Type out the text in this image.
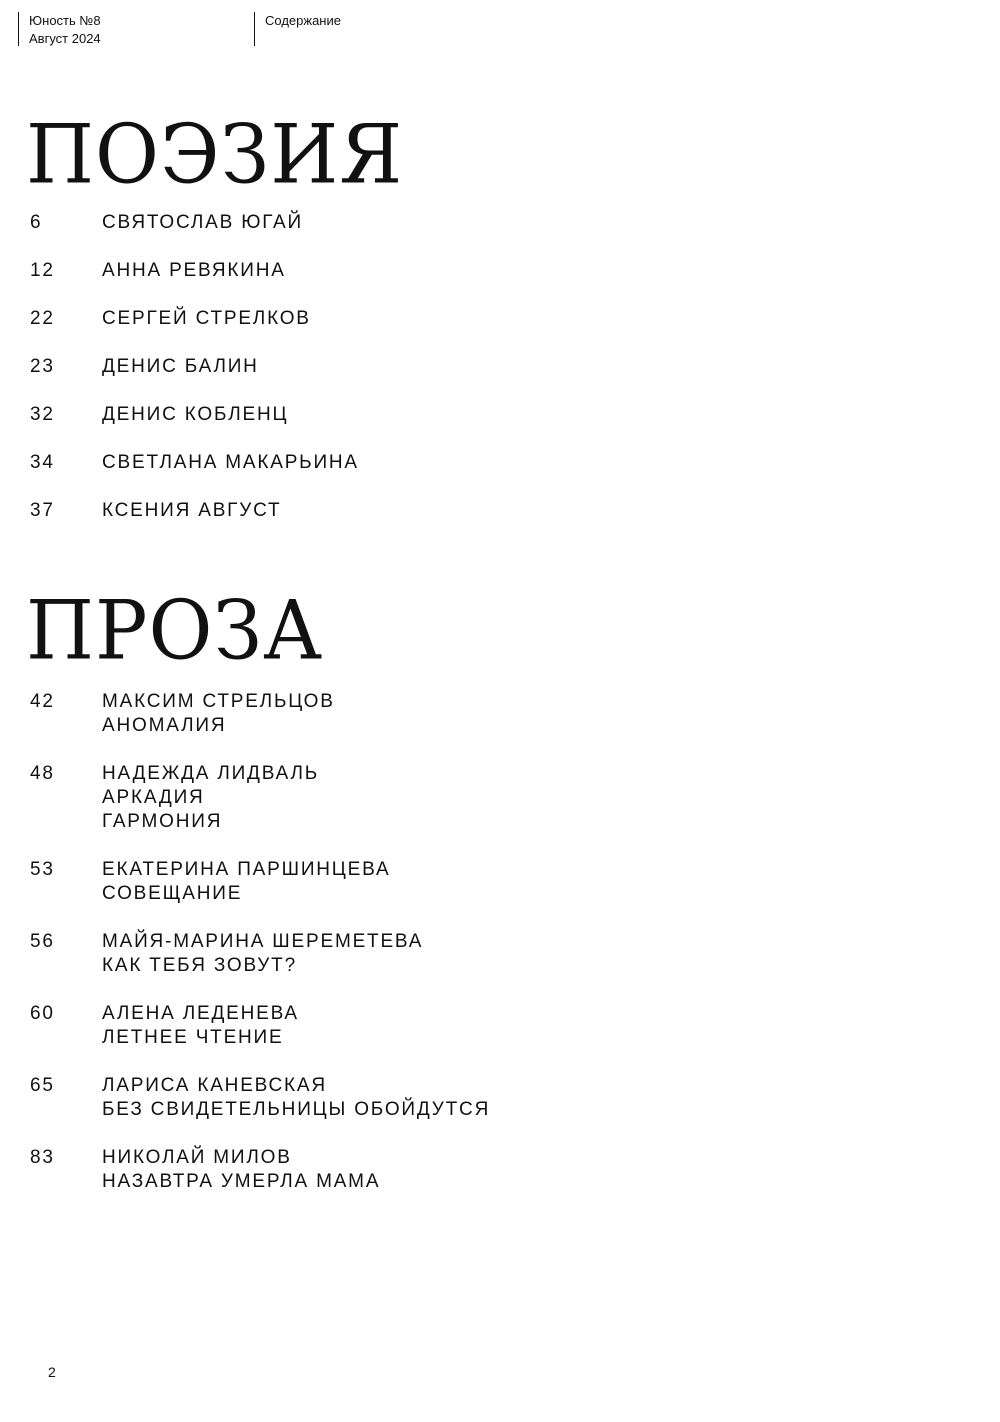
Юность №8
Август 2024
Содержание
ПОЭЗИЯ
6	СВЯТОСЛАВ ЮГАЙ
12	АННА РЕВЯКИНА
22	СЕРГЕЙ СТРЕЛКОВ
23	ДЕНИС БАЛИН
32	ДЕНИС КОБЛЕНЦ
34	СВЕТЛАНА МАКАРЬИНА
37	КСЕНИЯ АВГУСТ
ПРОЗА
42	МАКСИМ СТРЕЛЬЦОВ
АНОМАЛИЯ
48	НАДЕЖДА ЛИДВАЛЬ
АРКАДИЯ
ГАРМОНИЯ
53	ЕКАТЕРИНА ПАРШИНЦЕВА
СОВЕЩАНИЕ
56	МАЙЯ-МАРИНА ШЕРЕМЕТЕВА
КАК ТЕБЯ ЗОВУТ?
60	АЛЕНА ЛЕДЕНЕВА
ЛЕТНЕЕ ЧТЕНИЕ
65	ЛАРИСА КАНЕВСКАЯ
БЕЗ СВИДЕТЕЛЬНИЦЫ ОБОЙДУТСЯ
83	НИКОЛАЙ МИЛОВ
НАЗАВТРА УМЕРЛА МАМА
2
